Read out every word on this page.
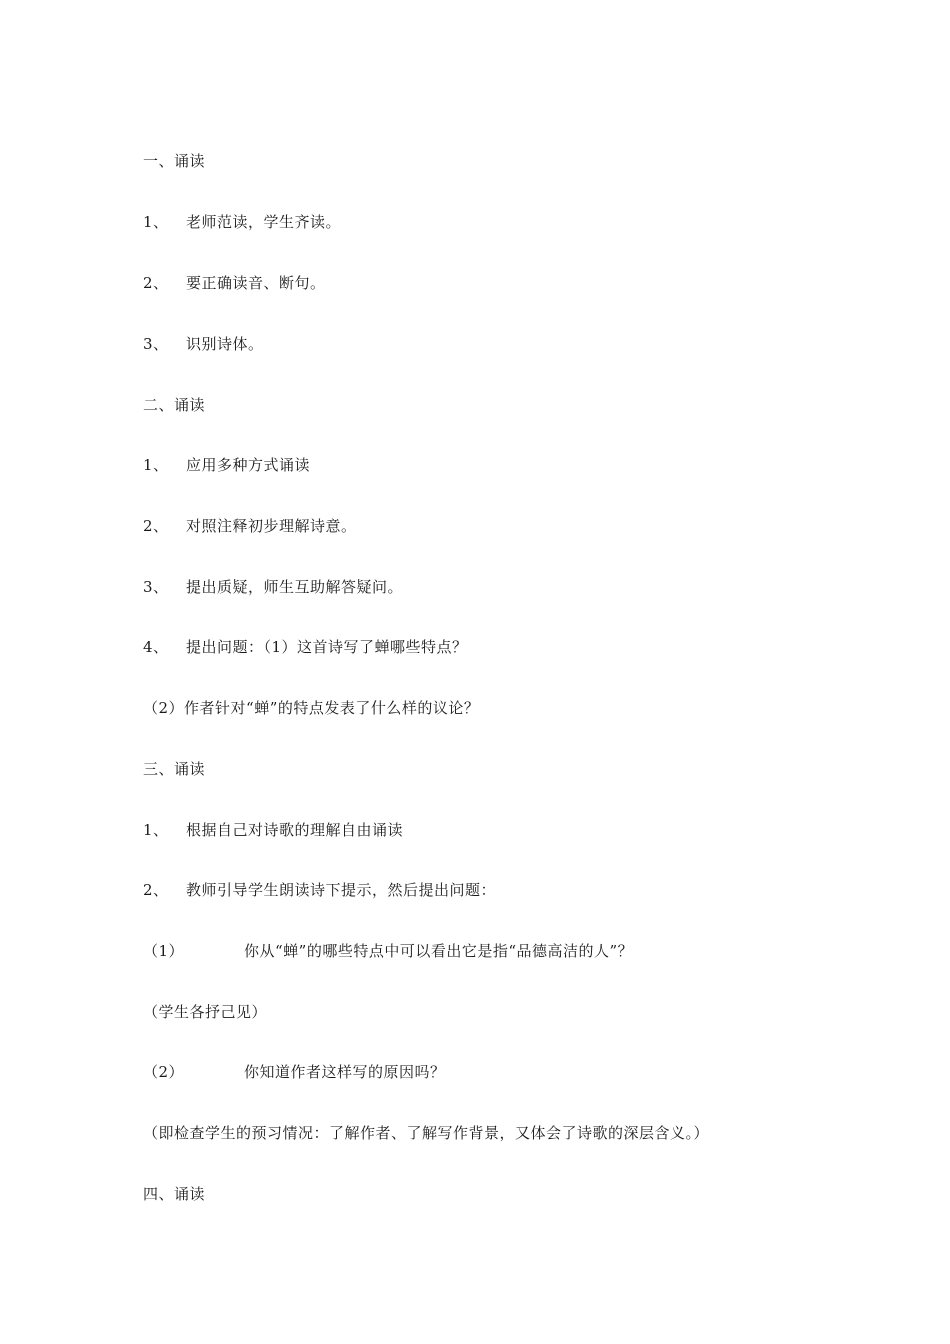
一、诵读
1、 老师范读，学生齐读。
2、 要正确读音、断句。
3、 识别诗体。
二、诵读
1、 应用多种方式诵读
2、 对照注释初步理解诗意。
3、 提出质疑，师生互助解答疑问。
4、 提出问题：（1）这首诗写了蝉哪些特点？
（2）作者针对“蝉”的特点发表了什么样的议论？
三、诵读
1、 根据自己对诗歌的理解自由诵读
2、 教师引导学生朗读诗下提示，然后提出问题：
（1）	你从“蝉”的哪些特点中可以看出它是指“品德高洁的人”？
（学生各抒己见）
（2）	你知道作者这样写的原因吗？
（即检查学生的预习情况：了解作者、了解写作背景，又体会了诗歌的深层含义。）
四、诵读
